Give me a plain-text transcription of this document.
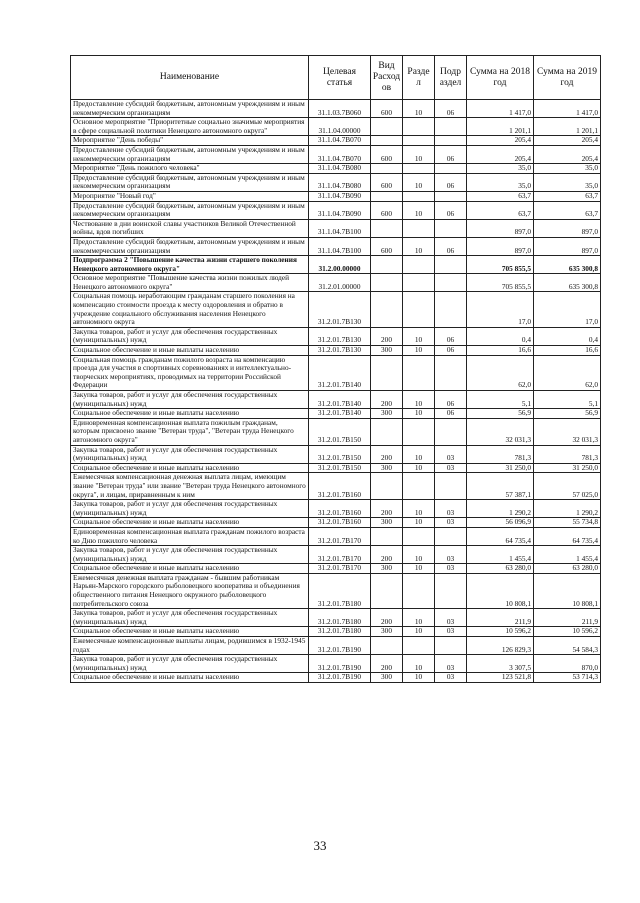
Наименование	Целевая статья	Вид Расход ов	Разде л	Подр аздел	Сумма на 2018 год	Сумма на 2019 год
Предоставление субсидий бюджетным, автономным учреждениям и иным некоммерческим организациям	31.1.03.7В060	600	10	06	1 417,0	1 417,0
Основное мероприятие "Приоритетные социально значимые мероприятия в сфере социальной политики Ненецкого автономного округа"	31.1.04.00000				1 201,1	1 201,1
Мероприятие "День победы"	31.1.04.7В070				205,4	205,4
Предоставление субсидий бюджетным, автономным учреждениям и иным некоммерческим организациям	31.1.04.7В070	600	10	06	205,4	205,4
Мероприятие "День пожилого человека"	31.1.04.7В080				35,0	35,0
Предоставление субсидий бюджетным, автономным учреждениям и иным некоммерческим организациям	31.1.04.7В080	600	10	06	35,0	35,0
Мероприятие "Новый год"	31.1.04.7В090				63,7	63,7
Предоставление субсидий бюджетным, автономным учреждениям и иным некоммерческим организациям	31.1.04.7В090	600	10	06	63,7	63,7
Чествование в дни воинской славы участников Великой Отечественной войны, вдов погибших	31.1.04.7В100				897,0	897,0
Предоставление субсидий бюджетным, автономным учреждениям и иным некоммерческим организациям	31.1.04.7В100	600	10	06	897,0	897,0
Подпрограмма 2 "Повышение качества жизни старшего поколения Ненецкого автономного округа"	31.2.00.00000				705 855,5	635 300,8
Основное мероприятие "Повышение качества жизни пожилых людей Ненецкого автономного округа"	31.2.01.00000				705 855,5	635 300,8
Социальная помощь неработающим гражданам старшего поколения на компенсацию стоимости проезда к месту оздоровления и обратно в учреждение социального обслуживания населения Ненецкого автономного округа	31.2.01.7В130				17,0	17,0
Закупка товаров, работ и услуг для обеспечения государственных (муниципальных) нужд	31.2.01.7В130	200	10	06	0,4	0,4
Социальное обеспечение и иные выплаты населению	31.2.01.7В130	300	10	06	16,6	16,6
Социальная помощь гражданам пожилого возраста на компенсацию проезда для участия в спортивных соревнованиях и интеллектуально-творческих мероприятиях, проводимых на территории Российской Федерации	31.2.01.7В140				62,0	62,0
Закупка товаров, работ и услуг для обеспечения государственных (муниципальных) нужд	31.2.01.7В140	200	10	06	5,1	5,1
Социальное обеспечение и иные выплаты населению	31.2.01.7В140	300	10	06	56,9	56,9
Единовременная компенсационная выплата пожилым гражданам, которым присвоено звание "Ветеран труда", "Ветеран труда Ненецкого автономного округа"	31.2.01.7В150				32 031,3	32 031,3
Закупка товаров, работ и услуг для обеспечения государственных (муниципальных) нужд	31.2.01.7В150	200	10	03	781,3	781,3
Социальное обеспечение и иные выплаты населению	31.2.01.7В150	300	10	03	31 250,0	31 250,0
Ежемесячная компенсационная денежная выплата лицам, имеющим звание "Ветеран труда" или звание "Ветеран труда Ненецкого автономного округа", и лицам, приравненным к ним	31.2.01.7В160				57 387,1	57 025,0
Закупка товаров, работ и услуг для обеспечения государственных (муниципальных) нужд	31.2.01.7В160	200	10	03	1 290,2	1 290,2
Социальное обеспечение и иные выплаты населению	31.2.01.7В160	300	10	03	56 096,9	55 734,8
Единовременная компенсационная выплата гражданам пожилого возраста ко Дню пожилого человека	31.2.01.7В170				64 735,4	64 735,4
Закупка товаров, работ и услуг для обеспечения государственных (муниципальных) нужд	31.2.01.7В170	200	10	03	1 455,4	1 455,4
Социальное обеспечение и иные выплаты населению	31.2.01.7В170	300	10	03	63 280,0	63 280,0
Ежемесячная денежная выплата гражданам - бывшим работникам Нарьян-Марского городского рыболовецкого кооператива и объединения общественного питания Ненецкого окружного рыболовецкого потребительского союза	31.2.01.7В180				10 808,1	10 808,1
Закупка товаров, работ и услуг для обеспечения государственных (муниципальных) нужд	31.2.01.7В180	200	10	03	211,9	211,9
Социальное обеспечение и иные выплаты населению	31.2.01.7В180	300	10	03	10 596,2	10 596,2
Ежемесячные компенсационные выплаты лицам, родившимся в 1932-1945 годах	31.2.01.7В190				126 829,3	54 584,3
Закупка товаров, работ и услуг для обеспечения государственных (муниципальных) нужд	31.2.01.7В190	200	10	03	3 307,5	870,0
Социальное обеспечение и иные выплаты населению	31.2.01.7В190	300	10	03	123 521,8	53 714,3
33
